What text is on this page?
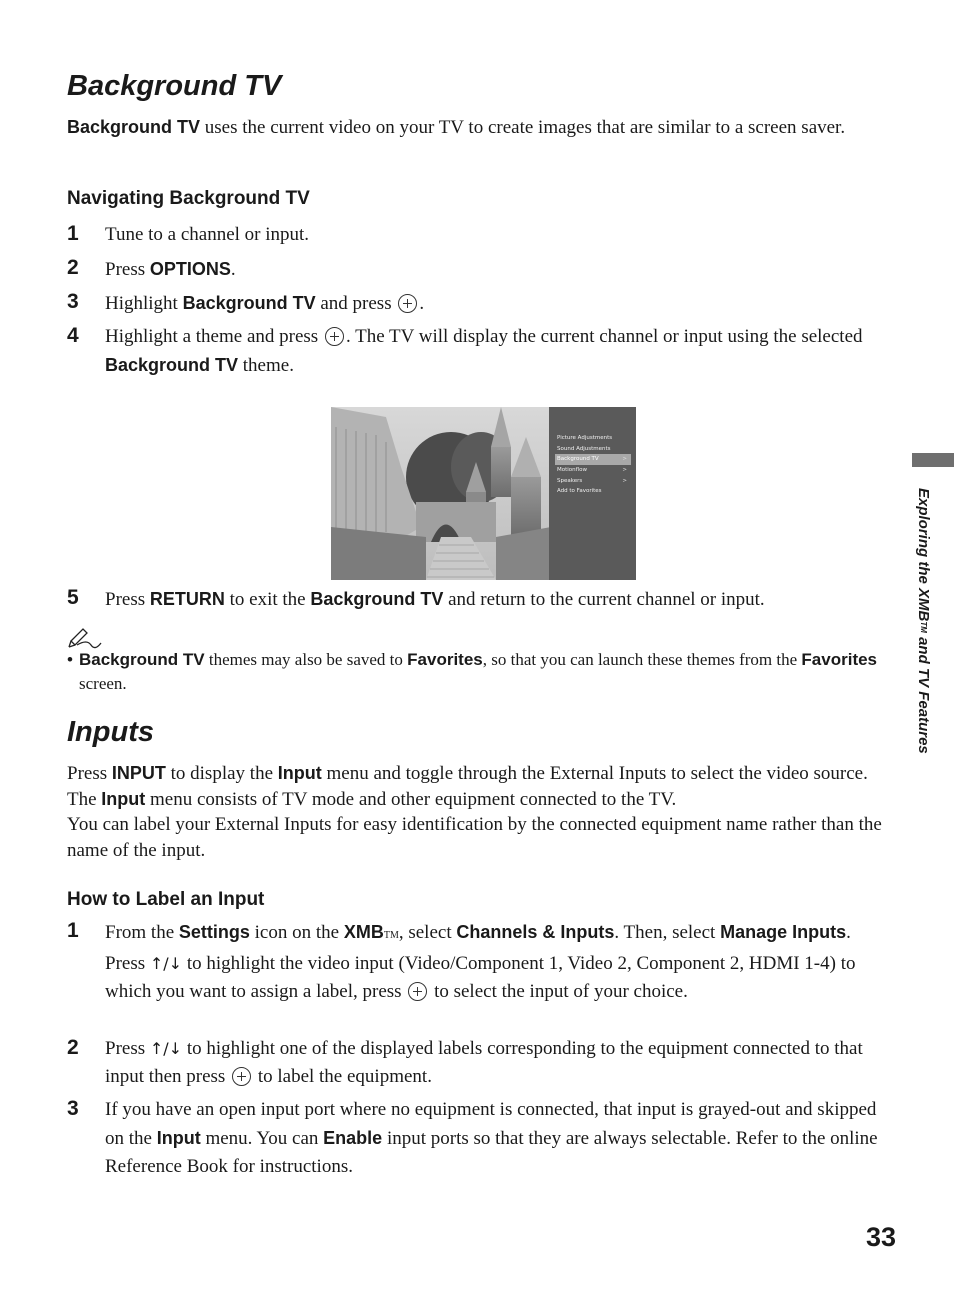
Background TV

Background TV uses the current video on your TV to create images that are similar to a screen saver.

Navigating Background TV
1 Tune to a channel or input.
2 Press OPTIONS.
3 Highlight Background TV and press .
4 Highlight a theme and press . The TV will display the current channel or input using the selected Background TV theme.
Picture Adjustments
Sound Adjustments
Background TV	>
Motionflow	>
Speakers	>
Add to Favorites
5 Press RETURN to exit the Background TV and return to the current channel or input.
• Background TV themes may also be saved to Favorites, so that you can launch these themes from the Favorites screen.
Inputs

Press INPUT to display the Input menu and toggle through the External Inputs to select the video source. The Input menu consists of TV mode and other equipment connected to the TV.

You can label your External Inputs for easy identification by the connected equipment name rather than the name of the input.

How to Label an Input
1 From the Settings icon on the XMBTM, select Channels & Inputs. Then, select Manage Inputs.
Press ↑/↓ to highlight the video input (Video/Component 1, Video 2, Component 2, HDMI 1-4) to which you want to assign a label, press  to select the input of your choice.
2 Press ↑/↓ to highlight one of the displayed labels corresponding to the equipment connected to that input then press  to label the equipment.
3 If you have an open input port where no equipment is connected, that input is grayed-out and skipped on the Input menu. You can Enable input ports so that they are always selectable. Refer to the online Reference Book for instructions.
Exploring the XMBTM and TV Features
33
